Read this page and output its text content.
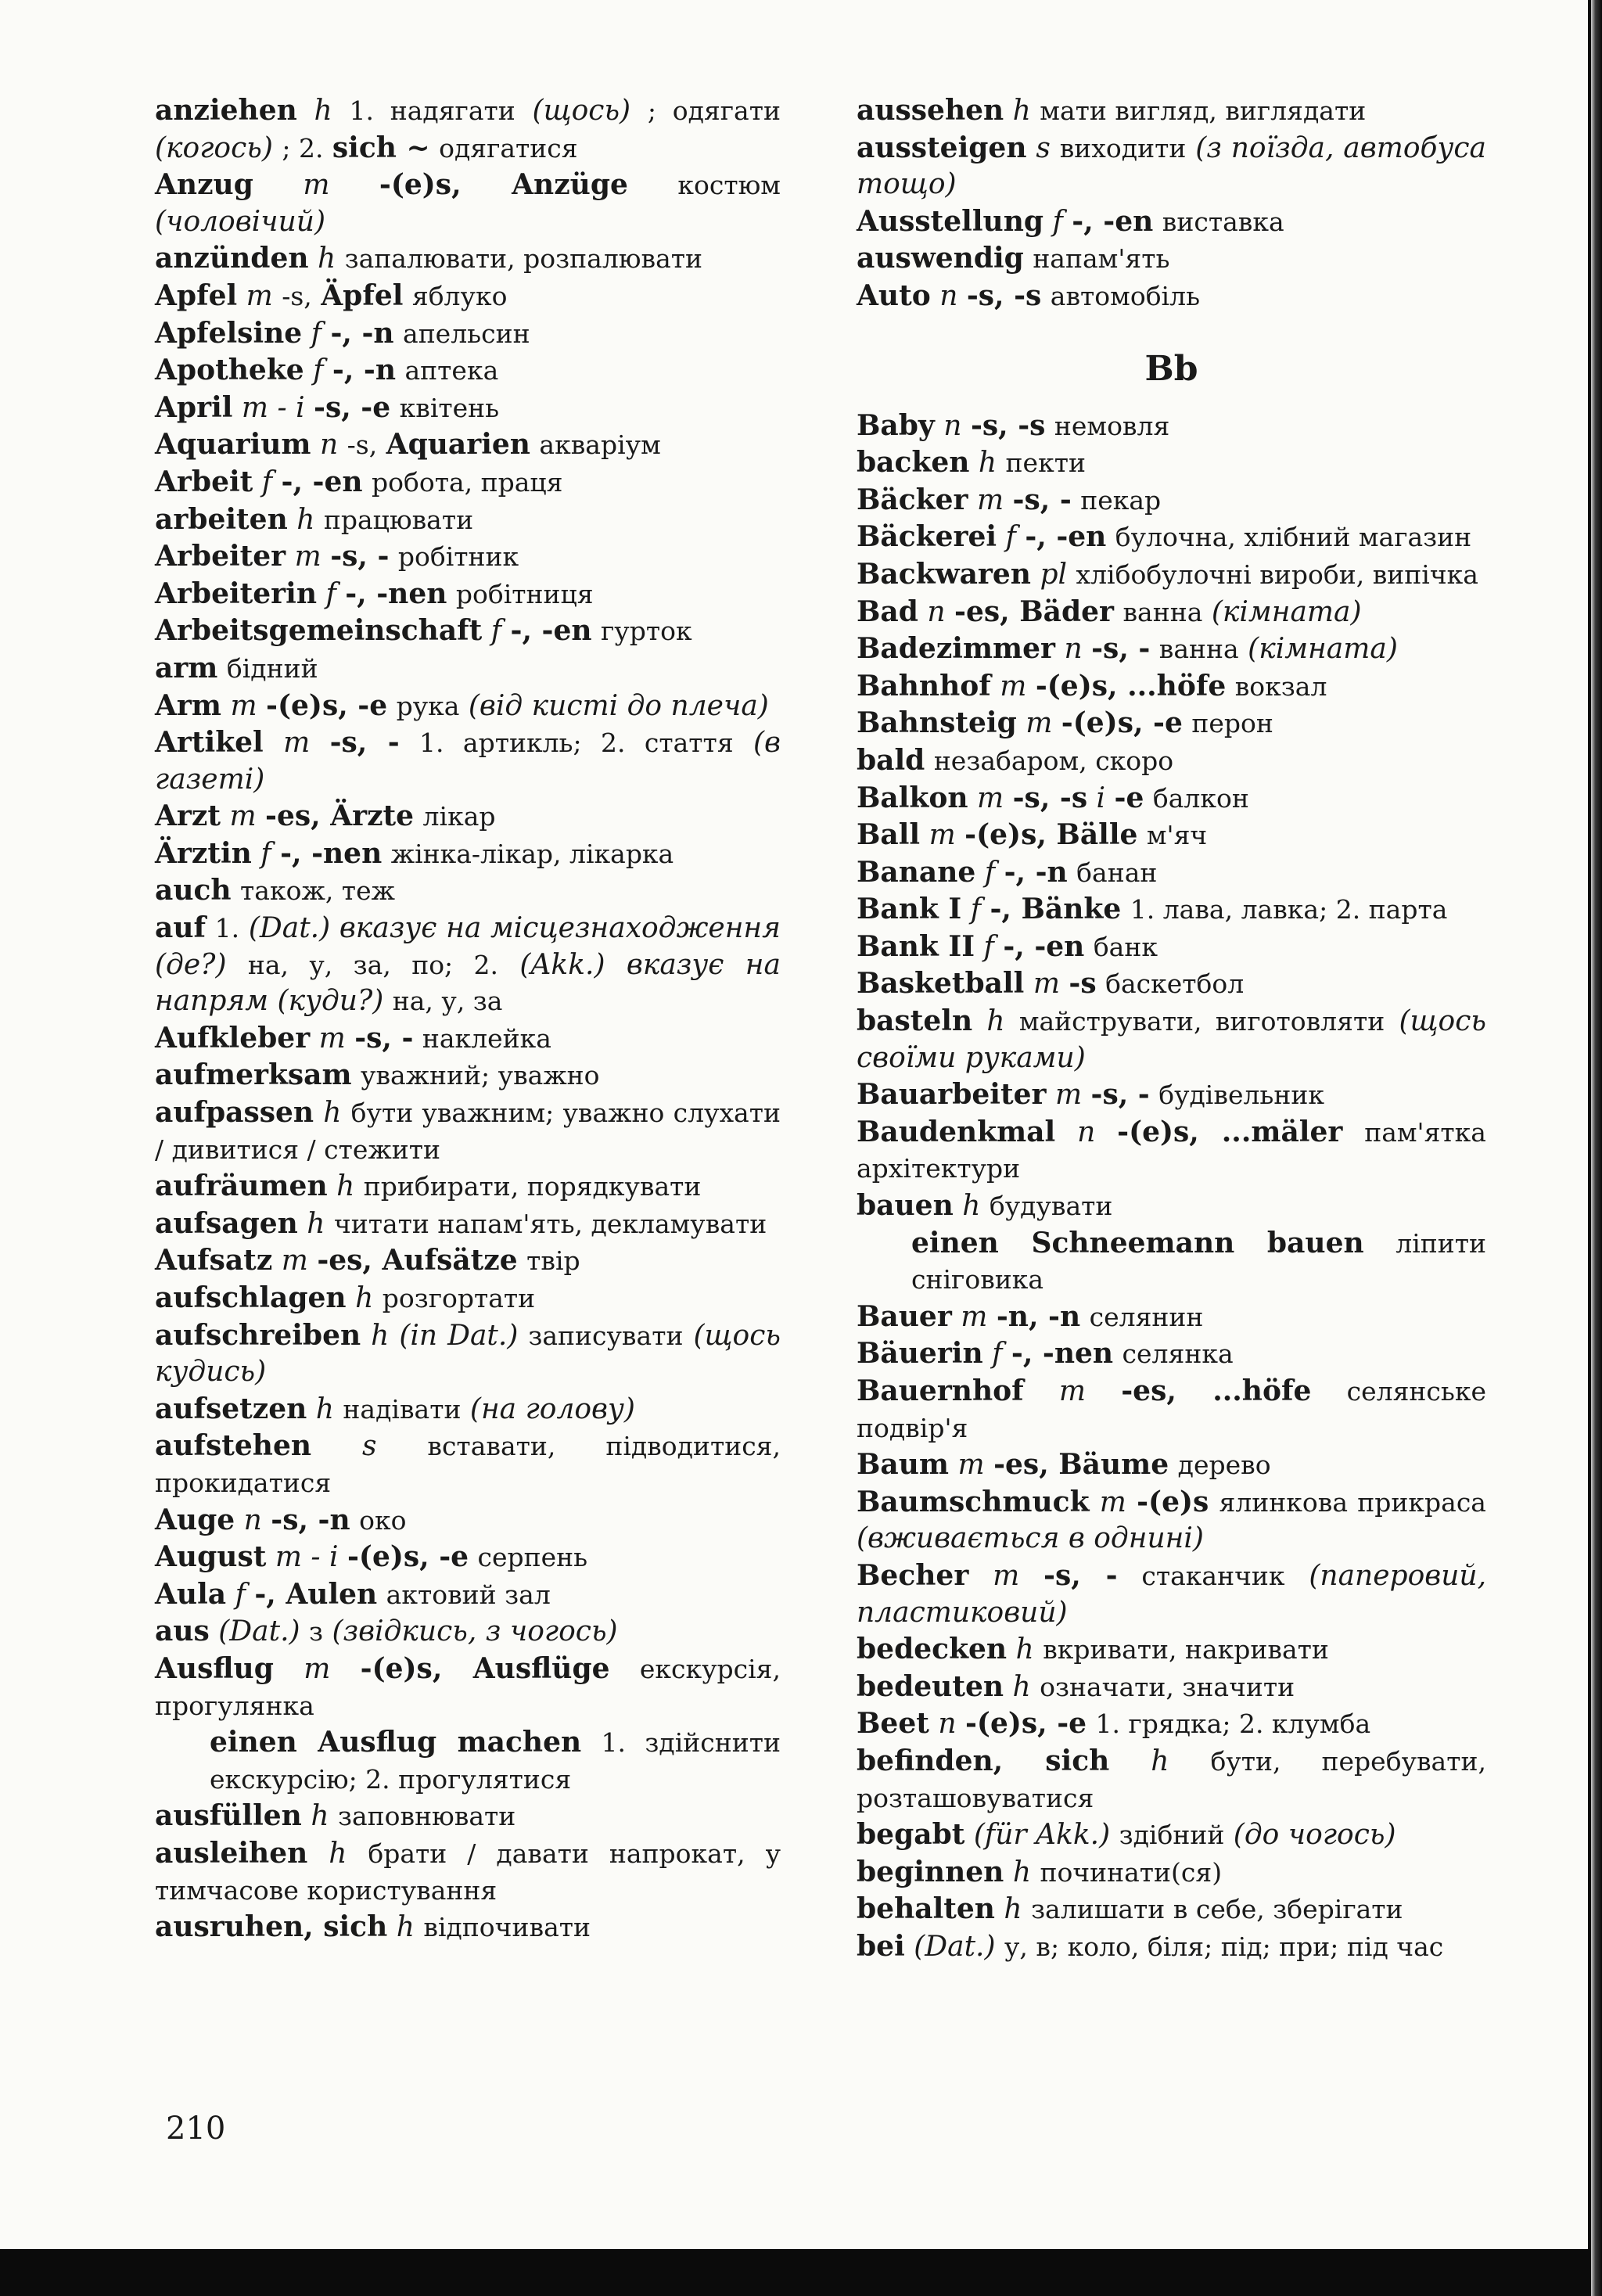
anziehen h 1. надягати (щось) ; одягати (когось) ; 2. sich ~ одягатися

Anzug m -(e)s, Anzüge костюм (чоловічий)

anzünden h запалювати, розпалювати

Apfel m -s, Äpfel яблуко

Apfelsine f -, -n апельсин

Apotheke f -, -n аптека

April m - i -s, -e квітень

Aquarium n -s, Aquarien акваріум

Arbeit f -, -en робота, праця

arbeiten h працювати

Arbeiter m -s, - робітник

Arbeiterin f -, -nen робітниця

Arbeitsgemeinschaft f -, -en гурток

arm бідний

Arm m -(e)s, -e рука (від кисті до плеча)

Artikel m -s, - 1. артикль; 2. стаття (в газеті)

Arzt m -es, Ärzte лікар

Ärztin f -, -nen жінка-лікар, лікарка

auch також, теж

auf 1. (Dat.) вказує на місцезнаходження (де?) на, у, за, по; 2. (Akk.) вказує на напрям (куди?) на, у, за

Aufkleber m -s, - наклейка

aufmerksam уважний; уважно

aufpassen h бути уважним; уважно слухати / дивитися / стежити

aufräumen h прибирати, порядкувати

aufsagen h читати напам'ять, декламувати

Aufsatz m -es, Aufsätze твір

aufschlagen h розгортати

aufschreiben h (in Dat.) записувати (щось кудись)

aufsetzen h надівати (на голову)

aufstehen s вставати, підводитися, прокидатися

Auge n -s, -n око

August m - i -(e)s, -e серпень

Aula f -, Aulen актовий зал

aus (Dat.) з (звідкись, з чогось)

Ausflug m -(e)s, Ausflüge екскурсія, прогулянка

einen Ausflug machen 1. здійснити екскурсію; 2. прогулятися

ausfüllen h заповнювати

ausleihen h брати / давати напрокат, у тимчасове користування

ausruhen, sich h відпочивати

aussehen h мати вигляд, виглядати

aussteigen s виходити (з поїзда, автобуса тощо)

Ausstellung f -, -en виставка

auswendig напам'ять

Auto n -s, -s автомобіль

Bb

Baby n -s, -s немовля

backen h пекти

Bäcker m -s, - пекар

Bäckerei f -, -en булочна, хлібний магазин

Backwaren pl хлібобулочні вироби, випічка

Bad n -es, Bäder ванна (кімната)

Badezimmer n -s, - ванна (кімната)

Bahnhof m -(e)s, ...höfe вокзал

Bahnsteig m -(e)s, -e перон

bald незабаром, скоро

Balkon m -s, -s i -e балкон

Ball m -(e)s, Bälle м'яч

Banane f -, -n банан

Bank I f -, Bänke 1. лава, лавка; 2. парта

Bank II f -, -en банк

Basketball m -s баскетбол

basteln h майструвати, виготовляти (щось своїми руками)

Bauarbeiter m -s, - будівельник

Baudenkmal n -(e)s, ...mäler пам'ятка архітектури

bauen h будувати

einen Schneemann bauen ліпити сніговика

Bauer m -n, -n селянин

Bäuerin f -, -nen селянка

Bauernhof m -es, ...höfe селянське подвір'я

Baum m -es, Bäume дерево

Baumschmuck m -(e)s ялинкова прикраса (вживається в однині)

Becher m -s, - стаканчик (паперовий, пластиковий)

bedecken h вкривати, накривати

bedeuten h означати, значити

Beet n -(e)s, -e 1. грядка; 2. клумба

befinden, sich h бути, перебувати, розташовуватися

begabt (für Akk.) здібний (до чогось)

beginnen h починати(ся)

behalten h залишати в себе, зберігати

bei (Dat.) у, в; коло, біля; під; при; під час

210
